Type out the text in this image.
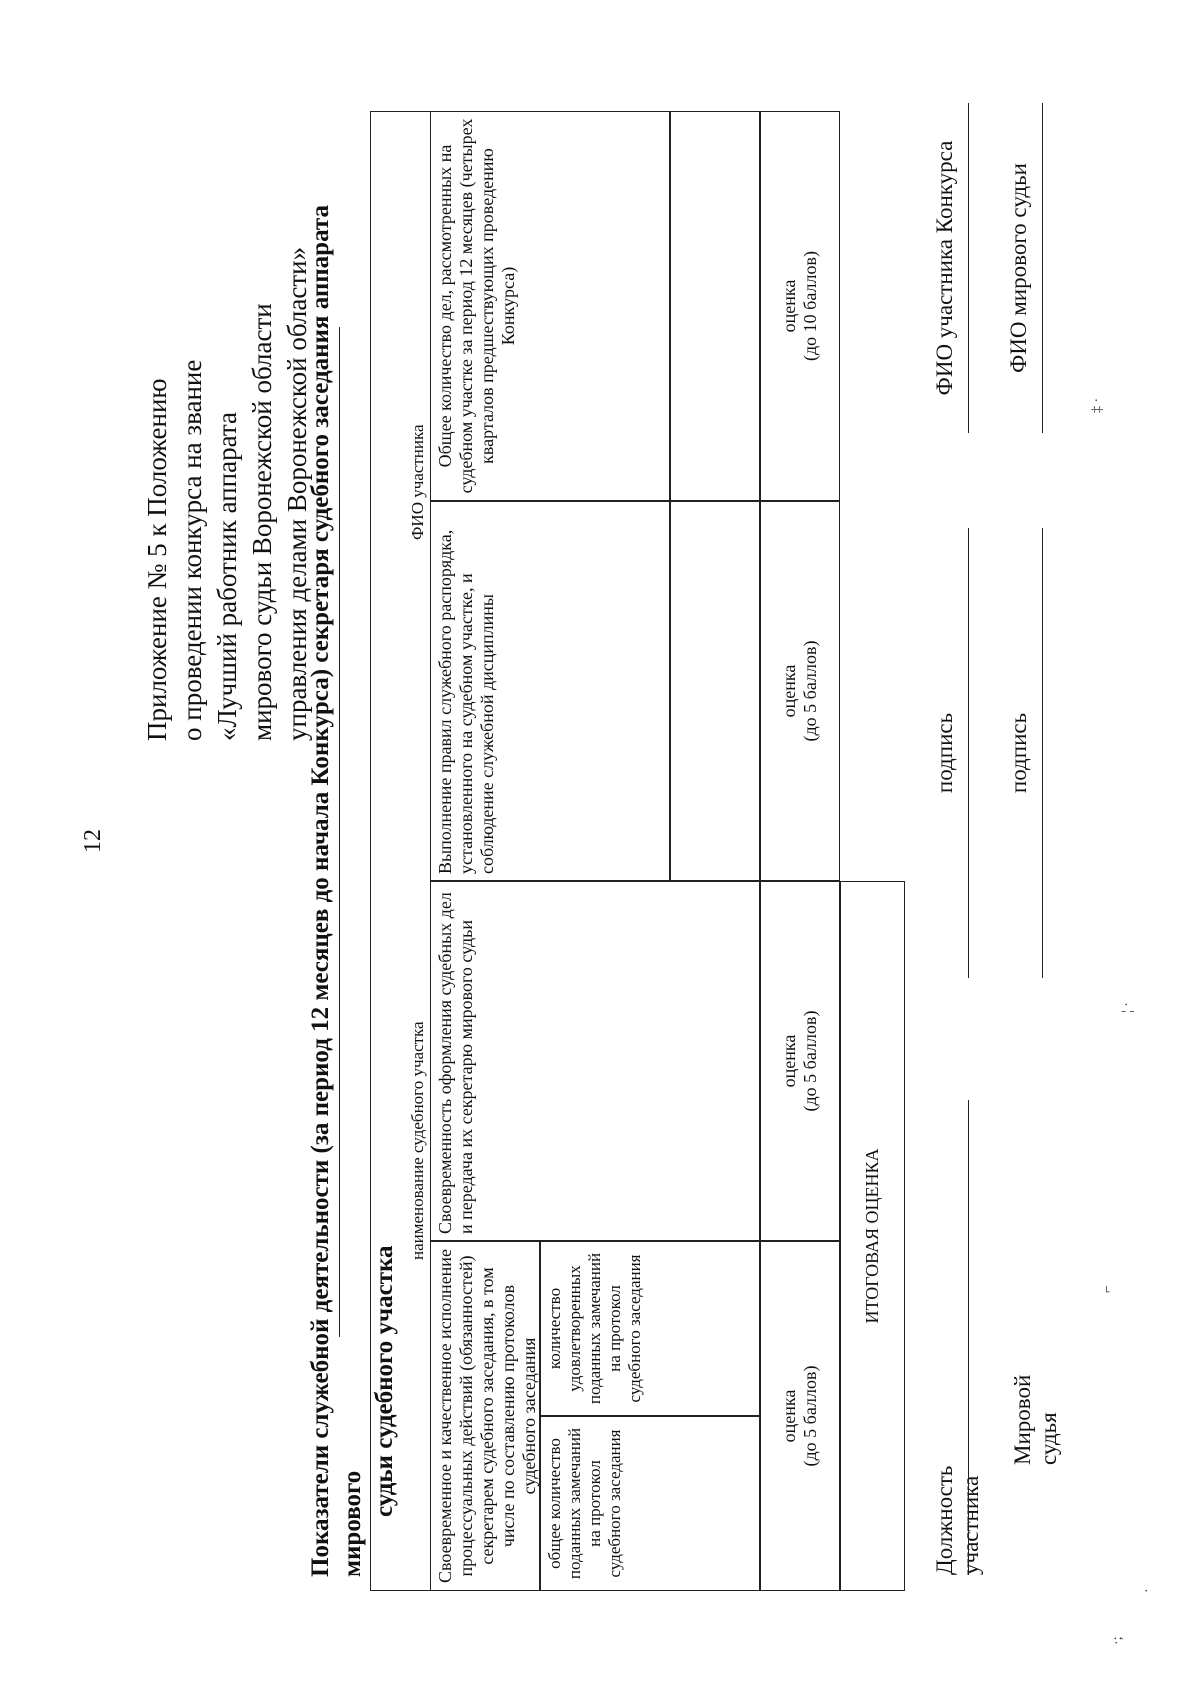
·;
·
⌐
¦ ·
‡ ·
12
Приложение № 5 к Положению о проведении конкурса на звание «Лучший работник аппарата мирового судьи Воронежской области управления делами Воронежской области»
Показатели служебной деятельности (за период 12 месяцев до начала Конкурса) секретаря судебного заседания аппарата мирового
судьи судебного участка
наименование судебного участка
ФИО участника
Своевременное и качественное исполнение процессуальных действий (обязанностей) секретарем судебного заседания, в том числе по составлению протоколов судебного заседания
Своевременность оформления судебных дел и передача их секретарю мирового судьи
Выполнение правил служебного распорядка, установленного на судебном участке, и соблюдение служебной дисциплины
Общее количество дел, рассмотренных на судебном участке за период 12 месяцев (четырех кварталов предшествующих проведению Конкурса)
общее количество поданных замечаний на протокол судебного заседания
количество удовлетворенных поданных замечаний на протокол судебного заседания
оценка (до 5 баллов)
оценка (до 5 баллов)
оценка (до 5 баллов)
оценка (до 10 баллов)
ИТОГОВАЯ ОЦЕНКА
Должность участника
подпись
ФИО участника Конкурса
Мировой судья
подпись
ФИО мирового судьи
